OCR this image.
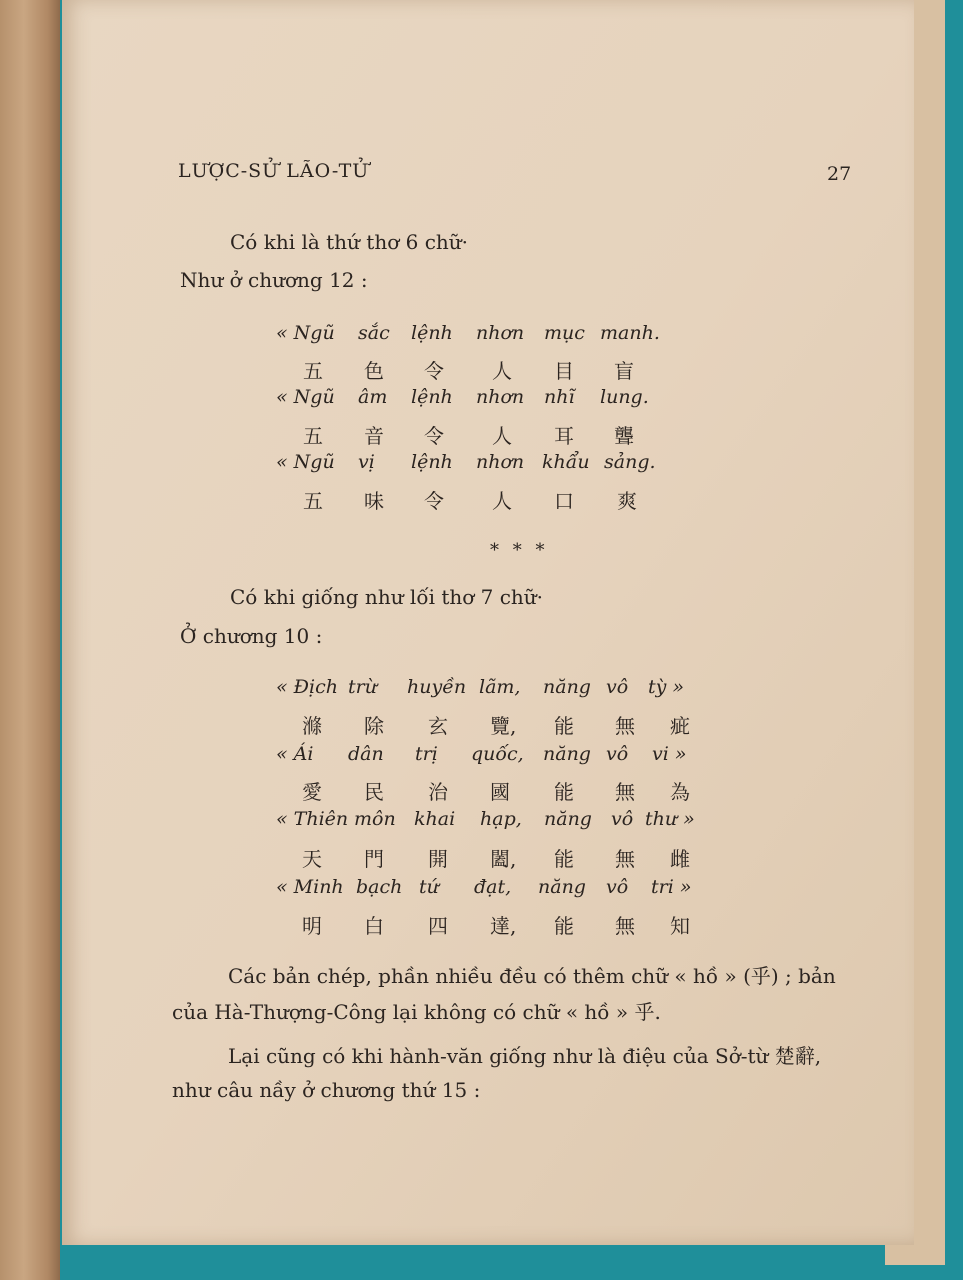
LƯỢC-SỬ LÃO-TỬ	27
Có khi là thứ thơ 6 chữ·
Như ở chương 12 :
« Ngũ sắc lệnh nhơn mục manh.
五 色 令 人 目 盲
« Ngũ âm lệnh nhơn nhĩ lung.
五 音 令 人 耳 聾
« Ngũ vị lệnh nhơn khẩu sảng.
五 味 令 人 口 爽
* * *
Có khi giống như lối thơ 7 chữ·
Ở chương 10 :
« Địch trừ huyền lãm, năng vô tỳ »
滌 除 玄 覽, 能 無 疵
« Ái dân trị quốc, năng vô vi »
愛 民 治 國 能 無 為
« Thiên môn khai hạp, năng vô thư »
天 門 開 闔, 能 無 雌
« Minh bạch tứ đạt, năng vô tri »
明 白 四 達, 能 無 知
Các bản chép, phần nhiều đều có thêm chữ « hồ » (乎) ; bản
của Hà-Thượng-Công lại không có chữ « hồ » 乎.
Lại cũng có khi hành-văn giống như là điệu của Sở-từ 楚辭,
như câu nầy ở chương thứ 15 :
